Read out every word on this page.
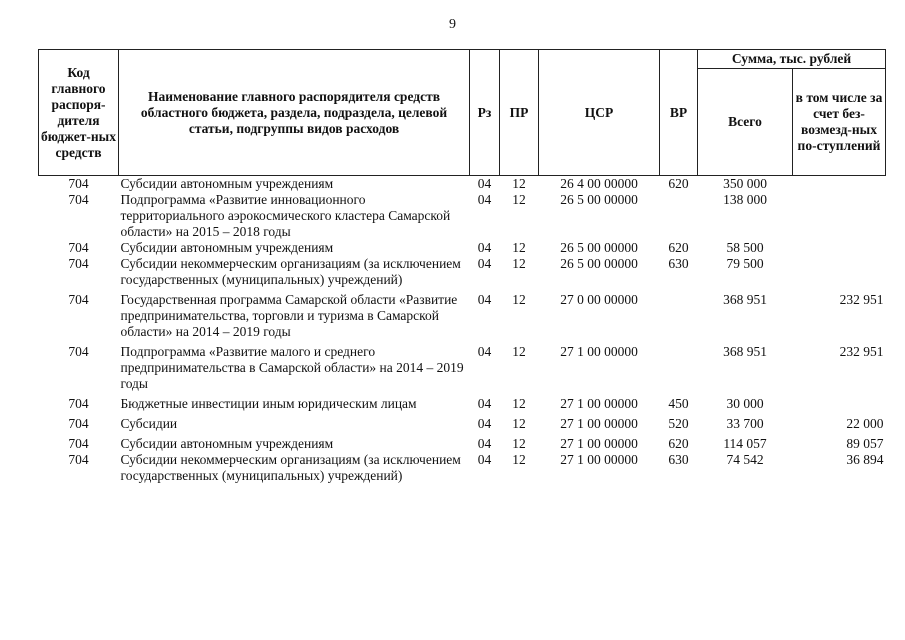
9
Код главного распоря-дителя бюджет-ных средств	Наименование главного распорядителя средств областного бюджета, раздела, подраздела, целевой статьи, подгруппы видов расходов	Рз	ПР	ЦСР	ВР	Сумма, тыс. рублей	
						Всего	в том числе за счет без-возмезд-ных по-ступлений
704	Субсидии автономным учреждениям	04	12	26 4 00 00000	620	350 000	
704	Подпрограмма «Развитие инновационного территориального аэрокосмического кластера Самарской области» на 2015 – 2018 годы	04	12	26 5 00 00000		138 000	
704	Субсидии автономным учреждениям	04	12	26 5 00 00000	620	58 500	
704	Субсидии некоммерческим организациям (за исключением государственных (муниципальных) учреждений)	04	12	26 5 00 00000	630	79 500	
704	Государственная программа Самарской области «Развитие предпринимательства, торговли и туризма в Самарской области» на 2014 – 2019 годы	04	12	27 0 00 00000		368 951	232 951
704	Подпрограмма «Развитие малого и среднего предпринимательства в Самарской области» на 2014 – 2019 годы	04	12	27 1 00 00000		368 951	232 951
704	Бюджетные инвестиции иным юридическим лицам	04	12	27 1 00 00000	450	30 000	
704	Субсидии	04	12	27 1 00 00000	520	33 700	22 000
704	Субсидии автономным учреждениям	04	12	27 1 00 00000	620	114 057	89 057
704	Субсидии некоммерческим организациям (за исключением государственных (муниципальных) учреждений)	04	12	27 1 00 00000	630	74 542	36 894
